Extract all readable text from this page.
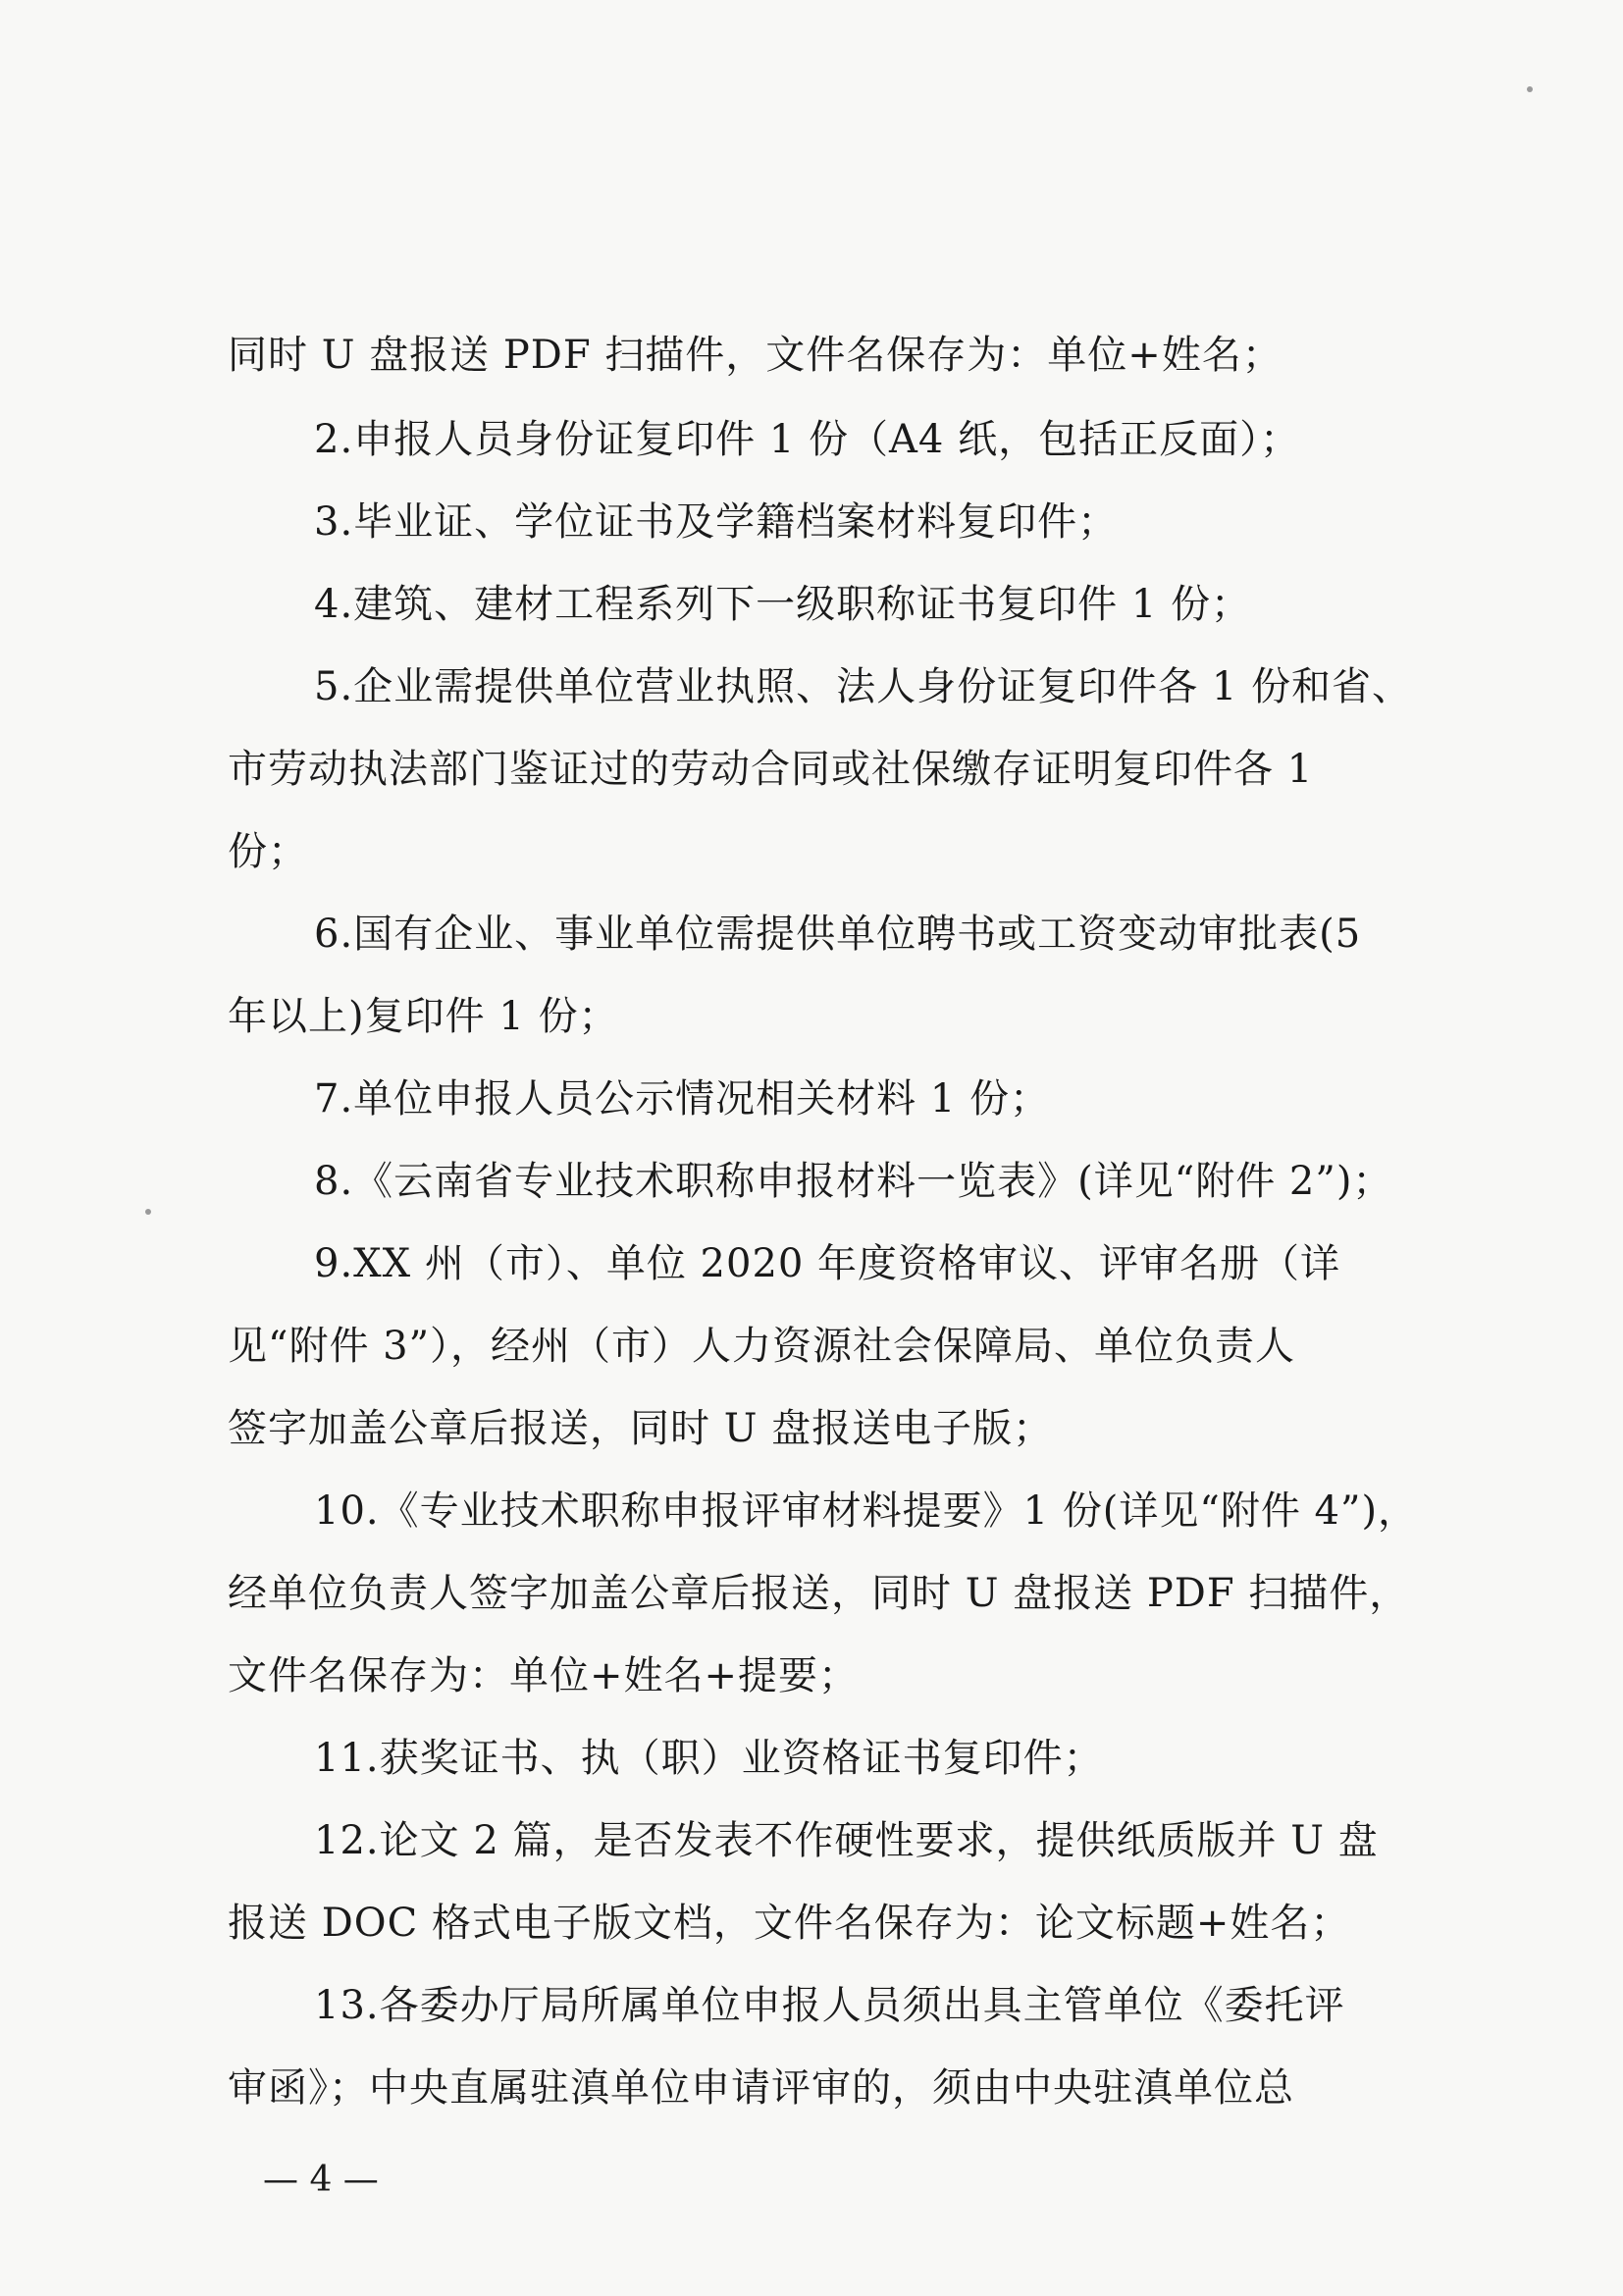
同时 U 盘报送 PDF 扫描件，文件名保存为：单位+姓名；
2.申报人员身份证复印件 1 份（A4 纸，包括正反面）；
3.毕业证、学位证书及学籍档案材料复印件；
4.建筑、建材工程系列下一级职称证书复印件 1 份；
5.企业需提供单位营业执照、法人身份证复印件各 1 份和省、
市劳动执法部门鉴证过的劳动合同或社保缴存证明复印件各 1
份；
6.国有企业、事业单位需提供单位聘书或工资变动审批表(5
年以上)复印件 1 份；
7.单位申报人员公示情况相关材料 1 份；
8.《云南省专业技术职称申报材料一览表》(详见“附件 2”)；
9.XX 州（市）、单位 2020 年度资格审议、评审名册（详
见“附件 3”），经州（市）人力资源社会保障局、单位负责人
签字加盖公章后报送，同时 U 盘报送电子版；
10.《专业技术职称申报评审材料提要》1 份(详见“附件 4”)，
经单位负责人签字加盖公章后报送，同时 U 盘报送 PDF 扫描件，
文件名保存为：单位+姓名+提要；
11.获奖证书、执（职）业资格证书复印件；
12.论文 2 篇，是否发表不作硬性要求，提供纸质版并 U 盘
报送 DOC 格式电子版文档，文件名保存为：论文标题+姓名；
13.各委办厅局所属单位申报人员须出具主管单位《委托评
审函》；中央直属驻滇单位申请评审的，须由中央驻滇单位总
— 4 —
